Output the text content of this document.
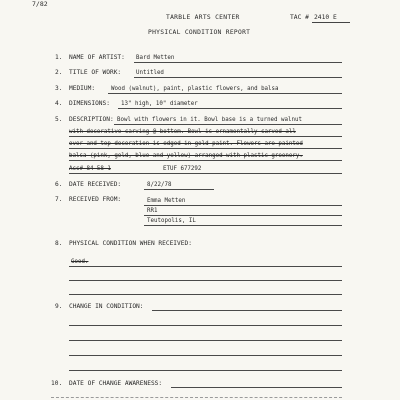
7/82
TARBLE ARTS CENTER	TAC # 2410 E
PHYSICAL CONDITION REPORT
1. NAME OF ARTIST: Bard Metten
2. TITLE OF WORK:	Untitled
3. MEDIUM:	Wood (walnut), paint, plastic flowers, and balsa
4. DIMENSIONS: 13" high, 10" diameter
5. DESCRIPTION: Bowl with flowers in it. Bowl base is a turned walnut
with decorative carving @ bottom. Bowl is ornamentally carved all
over and top decoration is edged in gold paint. Flowers are painted
balsa (pink, gold, blue and yellow) arranged with plastic greenery.
Acc# 84-58-1	ETUF 677292
6. DATE RECEIVED:	8/22/78
7. RECEIVED FROM:	Emma Metten
RR1
Teutopolis, IL
8. PHYSICAL CONDITION WHEN RECEIVED:
Good.
9. CHANGE IN CONDITION:
10. DATE OF CHANGE AWARENESS:
